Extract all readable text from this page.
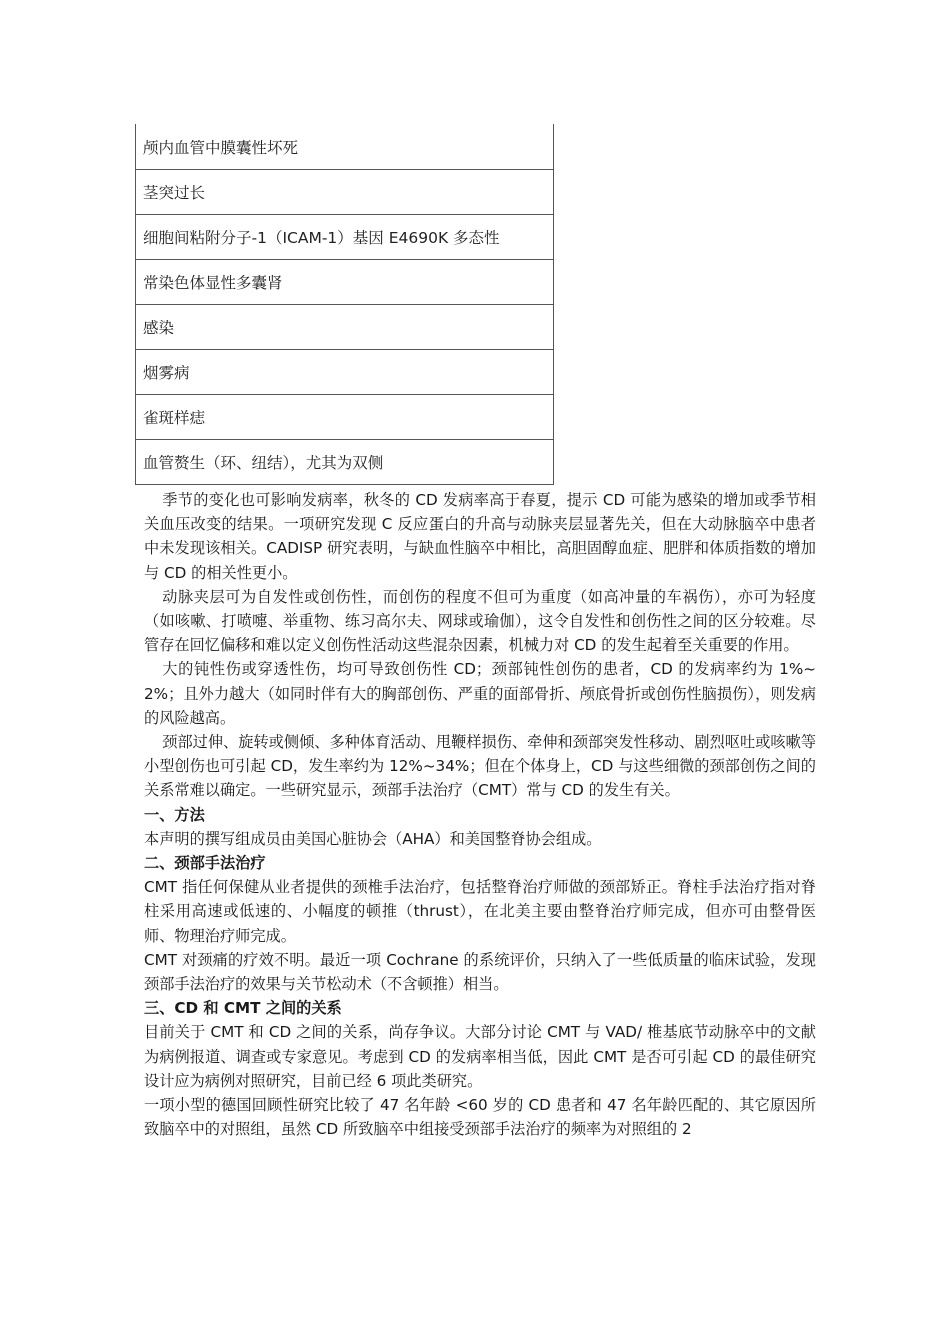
颅内血管中膜囊性坏死
茎突过长
细胞间粘附分子-1（ICAM-1）基因 E4690K 多态性
常染色体显性多囊肾
感染
烟雾病
雀斑样痣
血管赘生（环、纽结），尤其为双侧

季节的变化也可影响发病率，秋冬的 CD 发病率高于春夏，提示 CD 可能为感染的增加或季节相关血压改变的结果。一项研究发现 C 反应蛋白的升高与动脉夹层显著先关，但在大动脉脑卒中患者中未发现该相关。CADISP 研究表明，与缺血性脑卒中相比，高胆固醇血症、肥胖和体质指数的增加与 CD 的相关性更小。

动脉夹层可为自发性或创伤性，而创伤的程度不但可为重度（如高冲量的车祸伤），亦可为轻度（如咳嗽、打喷嚏、举重物、练习高尔夫、网球或瑜伽），这令自发性和创伤性之间的区分较难。尽管存在回忆偏移和难以定义创伤性活动这些混杂因素，机械力对 CD 的发生起着至关重要的作用。

大的钝性伤或穿透性伤，均可导致创伤性 CD；颈部钝性创伤的患者，CD 的发病率约为 1%~2%；且外力越大（如同时伴有大的胸部创伤、严重的面部骨折、颅底骨折或创伤性脑损伤），则发病的风险越高。

颈部过伸、旋转或侧倾、多种体育活动、甩鞭样损伤、牵伸和颈部突发性移动、剧烈呕吐或咳嗽等小型创伤也可引起 CD，发生率约为 12%~34%；但在个体身上，CD 与这些细微的颈部创伤之间的关系常难以确定。一些研究显示，颈部手法治疗（CMT）常与 CD 的发生有关。

一、方法

本声明的撰写组成员由美国心脏协会（AHA）和美国整脊协会组成。

二、颈部手法治疗

CMT 指任何保健从业者提供的颈椎手法治疗，包括整脊治疗师做的颈部矫正。脊柱手法治疗指对脊柱采用高速或低速的、小幅度的顿推（thrust），在北美主要由整脊治疗师完成，但亦可由整骨医师、物理治疗师完成。

CMT 对颈痛的疗效不明。最近一项 Cochrane 的系统评价，只纳入了一些低质量的临床试验，发现颈部手法治疗的效果与关节松动术（不含顿推）相当。

三、CD 和 CMT 之间的关系

目前关于 CMT 和 CD 之间的关系，尚存争议。大部分讨论 CMT 与 VAD/ 椎基底节动脉卒中的文献为病例报道、调查或专家意见。考虑到 CD 的发病率相当低，因此 CMT 是否可引起 CD 的最佳研究设计应为病例对照研究，目前已经 6 项此类研究。

一项小型的德国回顾性研究比较了 47 名年龄 <60 岁的 CD 患者和 47 名年龄匹配的、其它原因所致脑卒中的对照组，虽然 CD 所致脑卒中组接受颈部手法治疗的频率为对照组的 2
